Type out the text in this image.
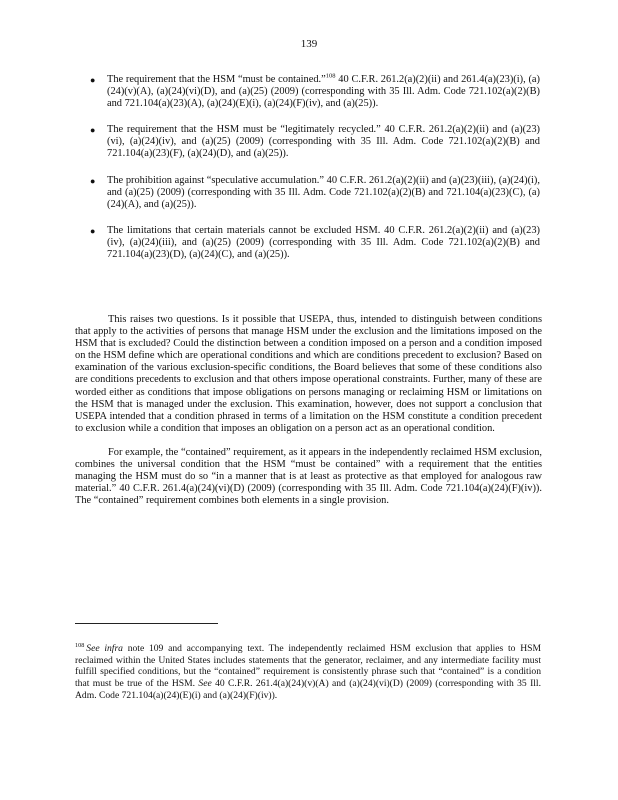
139
● The requirement that the HSM “must be contained.”$^{108}$ 40 C.F.R. 261.2(a)(2)(ii) and 261.4(a)(23)(i), (a)(24)(v)(A), (a)(24)(vi)(D), and (a)(25) (2009) (corresponding with 35 Ill. Adm. Code 721.102(a)(2)(B) and 721.104(a)(23)(A), (a)(24)(E)(i), (a)(24)(F)(iv), and (a)(25)).
● The requirement that the HSM must be “legitimately recycled.” 40 C.F.R. 261.2(a)(2)(ii) and (a)(23)(vi), (a)(24)(iv), and (a)(25) (2009) (corresponding with 35 Ill. Adm. Code 721.102(a)(2)(B) and 721.104(a)(23)(F), (a)(24)(D), and (a)(25)).
● The prohibition against “speculative accumulation.” 40 C.F.R. 261.2(a)(2)(ii) and (a)(23)(iii), (a)(24)(i), and (a)(25) (2009) (corresponding with 35 Ill. Adm. Code 721.102(a)(2)(B) and 721.104(a)(23)(C), (a)(24)(A), and (a)(25)).
● The limitations that certain materials cannot be excluded HSM. 40 C.F.R. 261.2(a)(2)(ii) and (a)(23)(iv), (a)(24)(iii), and (a)(25) (2009) (corresponding with 35 Ill. Adm. Code 721.102(a)(2)(B) and 721.104(a)(23)(D), (a)(24)(C), and (a)(25)).

This raises two questions. Is it possible that USEPA, thus, intended to distinguish between conditions that apply to the activities of persons that manage HSM under the exclusion and the limitations imposed on the HSM that is excluded? Could the distinction between a condition imposed on a person and a condition imposed on the HSM define which are operational conditions and which are conditions precedent to exclusion? Based on examination of the various exclusion-specific conditions, the Board believes that some of these conditions also are conditions precedents to exclusion and that others impose operational constraints. Further, many of these are worded either as conditions that impose obligations on persons managing or reclaiming HSM or limitations on the HSM that is managed under the exclusion. This examination, however, does not support a conclusion that USEPA intended that a condition phrased in terms of a limitation on the HSM constitute a condition precedent to exclusion while a condition that imposes an obligation on a person act as an operational condition.

For example, the “contained” requirement, as it appears in the independently reclaimed HSM exclusion, combines the universal condition that the HSM “must be contained” with a requirement that the entities managing the HSM must do so “in a manner that is at least as protective as that employed for analogous raw material.” 40 C.F.R. 261.4(a)(24)(vi)(D) (2009) (corresponding with 35 Ill. Adm. Code 721.104(a)(24)(F)(iv)). The “contained” requirement combines both elements in a single provision.

$^{108}$ See infra note 109 and accompanying text. The independently reclaimed HSM exclusion that applies to HSM reclaimed within the United States includes statements that the generator, reclaimer, and any intermediate facility must fulfill specified conditions, but the “contained” requirement is consistently phrase such that “contained” is a condition that must be true of the HSM. See 40 C.F.R. 261.4(a)(24)(v)(A) and (a)(24)(vi)(D) (2009) (corresponding with 35 Ill. Adm. Code 721.104(a)(24)(E)(i) and (a)(24)(F)(iv)).
